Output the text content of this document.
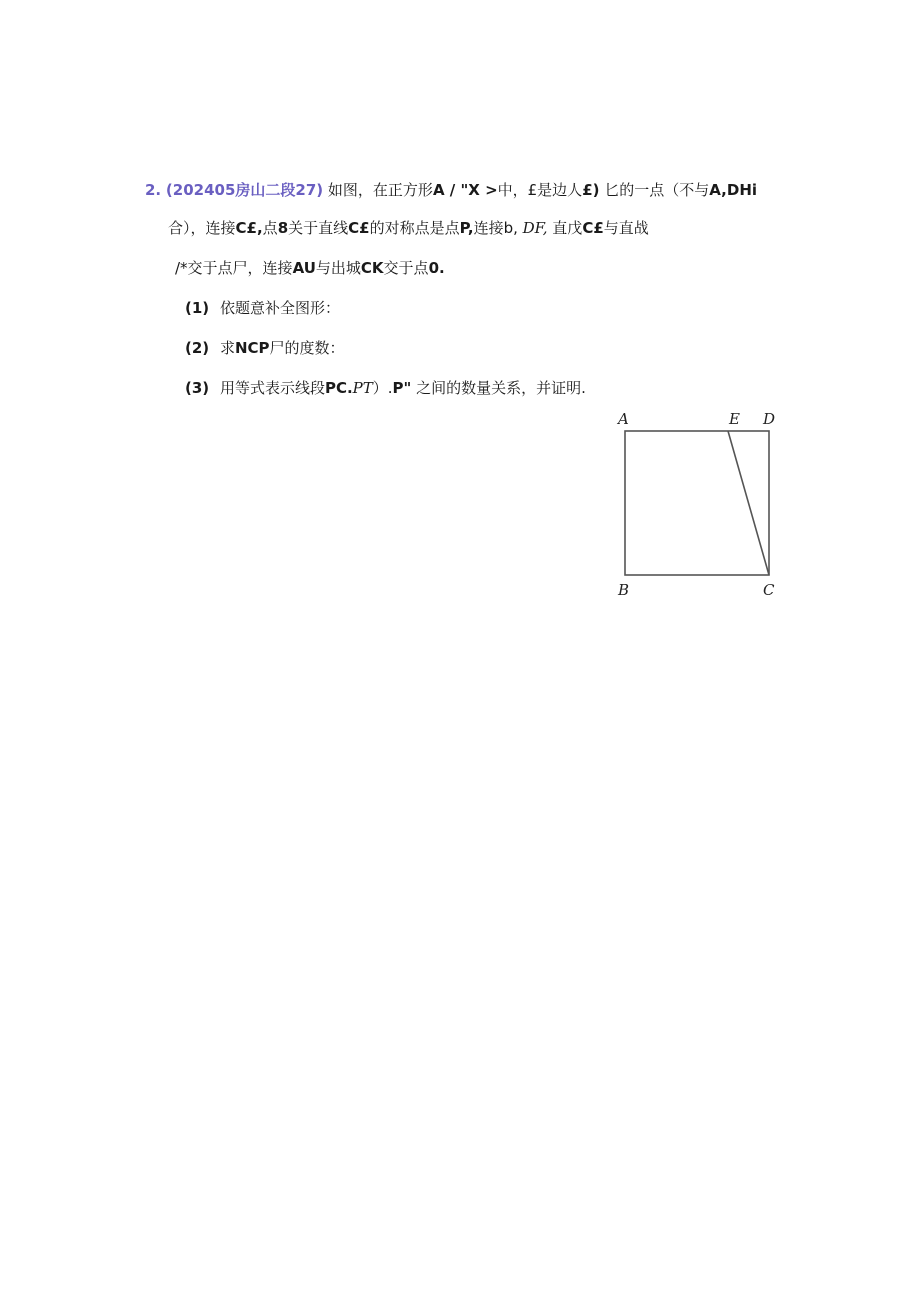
2. (202405房山二段27) 如图，在正方形A / "X >中，£是边人£) 匕的一点（不与A,DHi
合），连接C£,点8关于直线C£的对称点是点P,连接b, DF, 直戊C£与直战
/*交于点尸，连接AU与出城CK交于点0.
(1) 依题意补全图形：
(2) 求NCP尸的度数：
(3) 用等式表示线段PC.PT）.P" 之间的数量关系，并证明.
A	E D
B	C
